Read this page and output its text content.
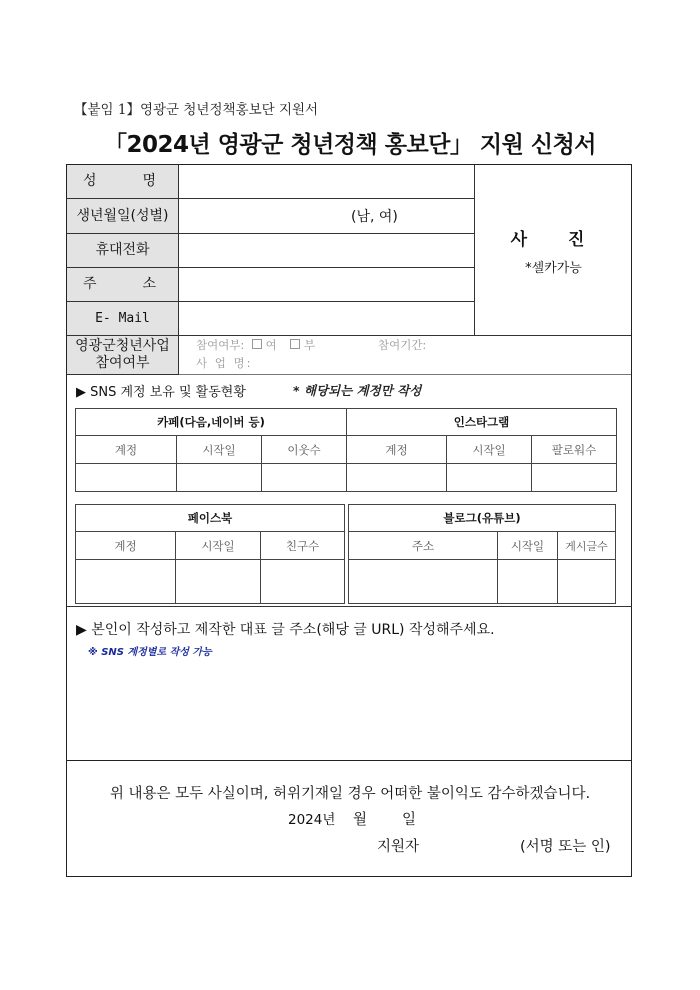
【붙임 1】영광군 청년정책홍보단 지원서
「2024년 영광군 청년정책 홍보단」 지원 신청서
성　　명
생년월일(성별)	(남, 여)
휴대전화
주　　소
E- Mail
사　진
*셀카가능
영광군청년사업
참여여부
참여여부: 여 부	참여기간:
사 업 명:
▶ SNS 계정 보유 및 활동현황	* 해당되는 계정만 작성
카페(다음,네이버 등)			인스타그램		
계정	시작일	이웃수	계정	시작일	팔로워수

페이스북		
계정	시작일	친구수

블로그(유튜브)		
주소	시작일	게시글수

▶ 본인이 작성하고 제작한 대표 글 주소(해당 글 URL) 작성해주세요.
※ SNS 계정별로 작성 가능
위 내용은 모두 사실이며, 허위기재일 경우 어떠한 불이익도 감수하겠습니다.
2024년 월 일
지원자	(서명 또는 인)
